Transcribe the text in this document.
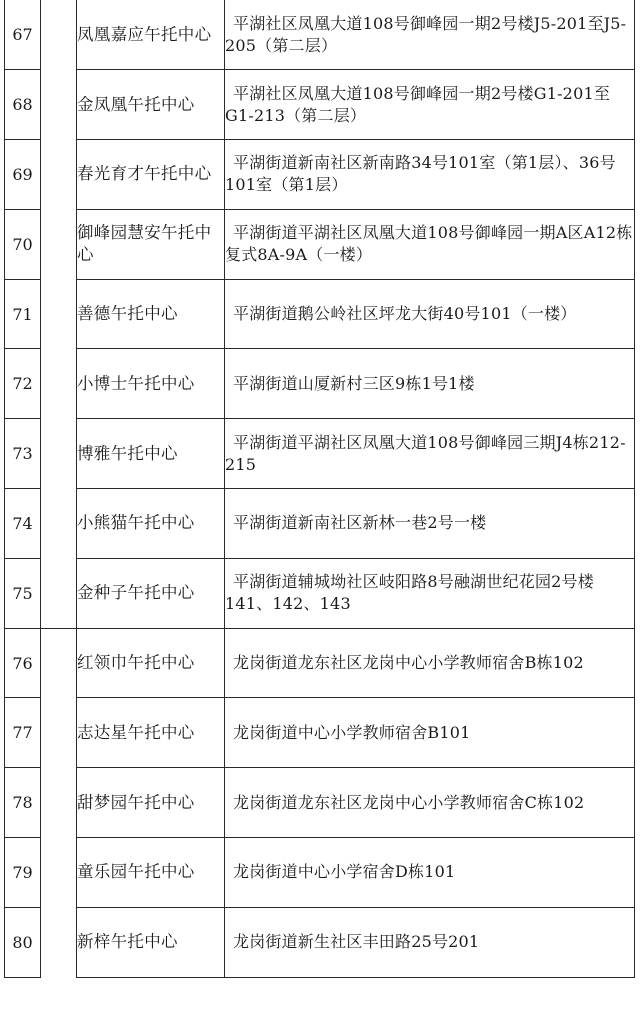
67		凤凰嘉应午托中心	平湖社区凤凰大道108号御峰园一期2号楼J5-201至J5-205（第二层）
68		金凤凰午托中心	平湖社区凤凰大道108号御峰园一期2号楼G1-201至G1-213（第二层）
69		春光育才午托中心	平湖街道新南社区新南路34号101室（第1层）、36号101室（第1层）
70		御峰园慧安午托中心	平湖街道平湖社区凤凰大道108号御峰园一期A区A12栋复式8A-9A（一楼）
71		善德午托中心	平湖街道鹅公岭社区坪龙大街40号101（一楼）
72		小博士午托中心	平湖街道山厦新村三区9栋1号1楼
73		博雅午托中心	平湖街道平湖社区凤凰大道108号御峰园三期J4栋212-215
74		小熊猫午托中心	平湖街道新南社区新林一巷2号一楼
75		金种子午托中心	平湖街道辅城坳社区岐阳路8号融湖世纪花园2号楼141、142、143
76		红领巾午托中心	龙岗街道龙东社区龙岗中心小学教师宿舍B栋102
77		志达星午托中心	龙岗街道中心小学教师宿舍B101
78		甜梦园午托中心	龙岗街道龙东社区龙岗中心小学教师宿舍C栋102
79		童乐园午托中心	龙岗街道中心小学宿舍D栋101
80		新梓午托中心	龙岗街道新生社区丰田路25号201
